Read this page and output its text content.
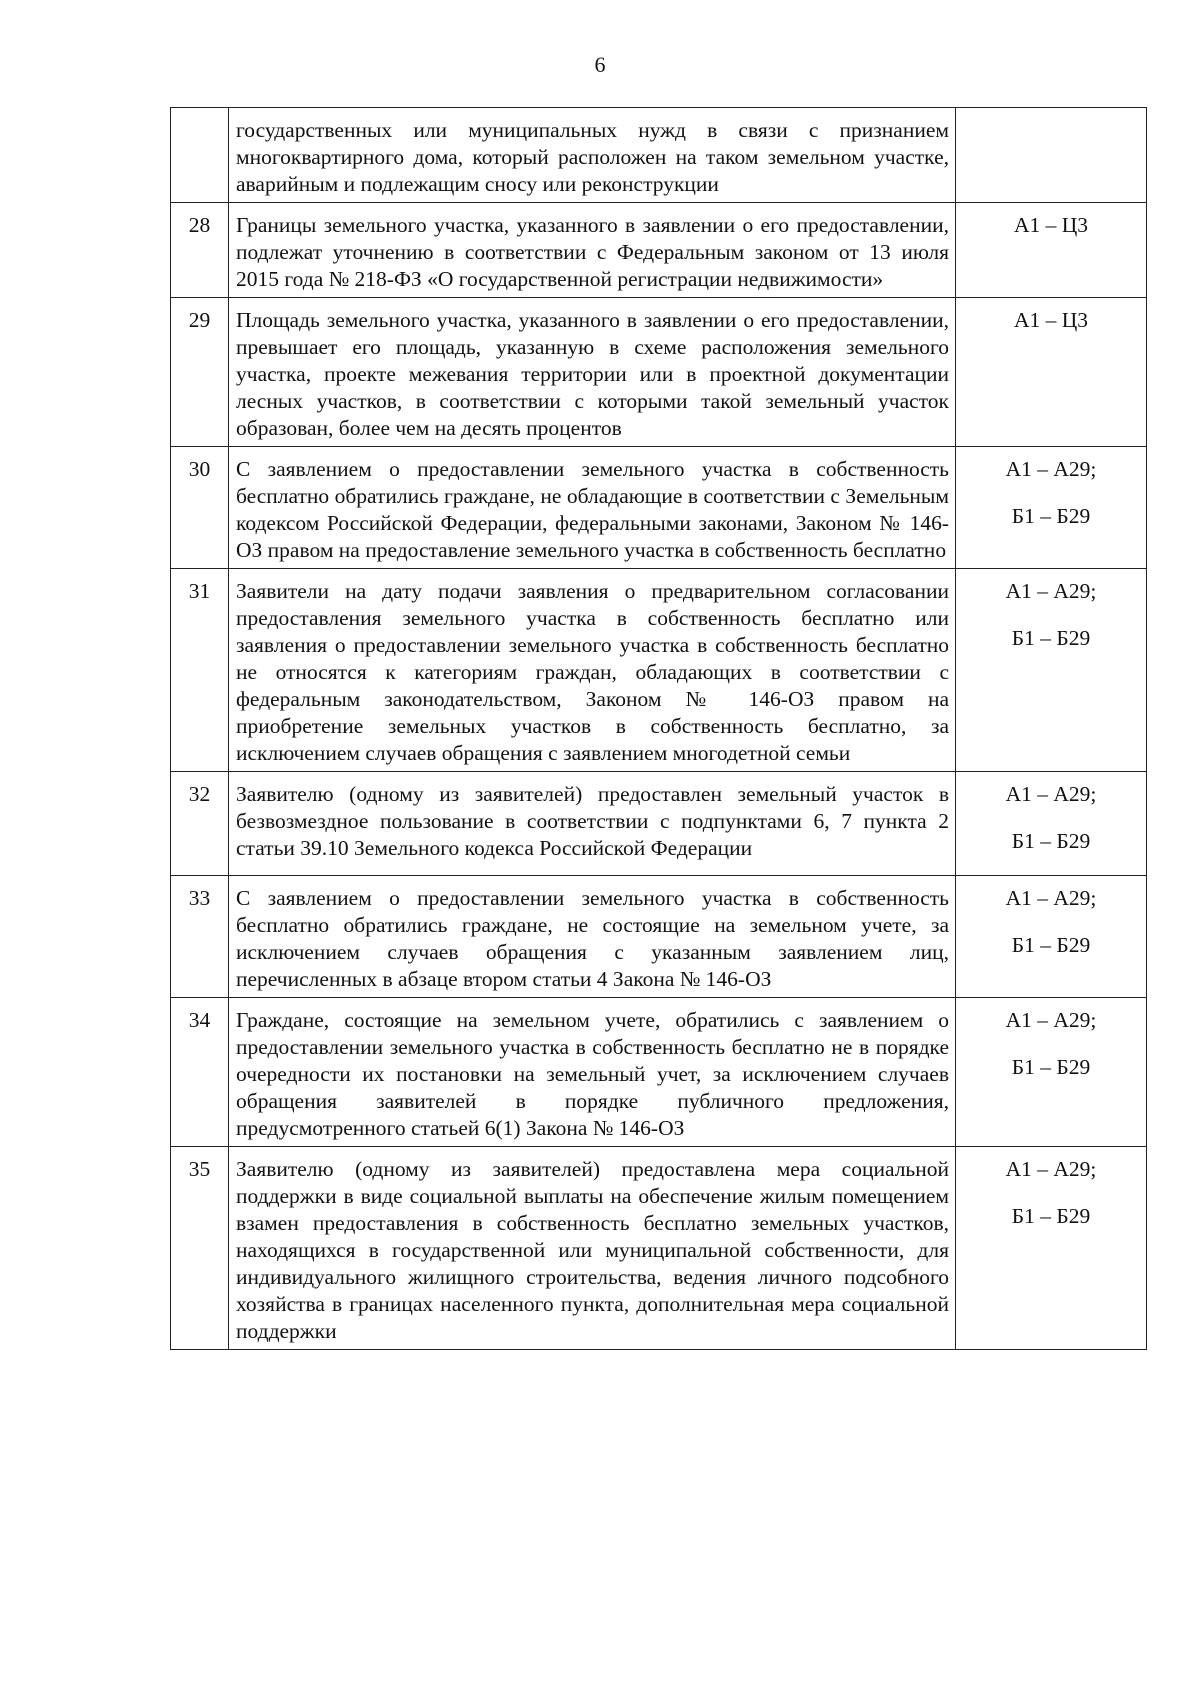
6
	государственных или муниципальных нужд в связи с признанием многоквартирного дома, который расположен на таком земельном участке, аварийным и подлежащим сносу или реконструкции	
28	Границы земельного участка, указанного в заявлении о его предоставлении, подлежат уточнению в соответствии с Федеральным законом от 13 июля 2015 года № 218-ФЗ «О государственной регистрации недвижимости»	А1 – Ц3

29	Площадь земельного участка, указанного в заявлении о его предоставлении, превышает его площадь, указанную в схеме расположения земельного участка, проекте межевания территории или в проектной документации лесных участков, в соответствии с которыми такой земельный участок образован, более чем на десять процентов	А1 – Ц3

30	С заявлением о предоставлении земельного участка в собственность бесплатно обратились граждане, не обладающие в соответствии с Земельным кодексом Российской Федерации, федеральными законами, Законом № 146-ОЗ правом на предоставление земельного участка в собственность бесплатно	А1 – А29;
Б1 – Б29

31	Заявители на дату подачи заявления о предварительном согласовании предоставления земельного участка в собственность бесплатно или заявления о предоставлении земельного участка в собственность бесплатно не относятся к категориям граждан, обладающих в соответствии с федеральным законодательством, Законом № 146-ОЗ правом на приобретение земельных участков в собственность бесплатно, за исключением случаев обращения с заявлением многодетной семьи	А1 – А29;
Б1 – Б29

32	Заявителю (одному из заявителей) предоставлен земельный участок в безвозмездное пользование в соответствии с подпунктами 6, 7 пункта 2 статьи 39.10 Земельного кодекса Российской Федерации	А1 – А29;
Б1 – Б29

33	С заявлением о предоставлении земельного участка в собственность бесплатно обратились граждане, не состоящие на земельном учете, за исключением случаев обращения с указанным заявлением лиц, перечисленных в абзаце втором статьи 4 Закона № 146-ОЗ	А1 – А29;
Б1 – Б29

34	Граждане, состоящие на земельном учете, обратились с заявлением о предоставлении земельного участка в собственность бесплатно не в порядке очередности их постановки на земельный учет, за исключением случаев обращения заявителей в порядке публичного предложения, предусмотренного статьей 6(1) Закона № 146-ОЗ	А1 – А29;
Б1 – Б29

35	Заявителю (одному из заявителей) предоставлена мера социальной поддержки в виде социальной выплаты на обеспечение жилым помещением взамен предоставления в собственность бесплатно земельных участков, находящихся в государственной или муниципальной собственности, для индивидуального жилищного строительства, ведения личного подсобного хозяйства в границах населенного пункта, дополнительная мера социальной поддержки	А1 – А29;
Б1 – Б29
